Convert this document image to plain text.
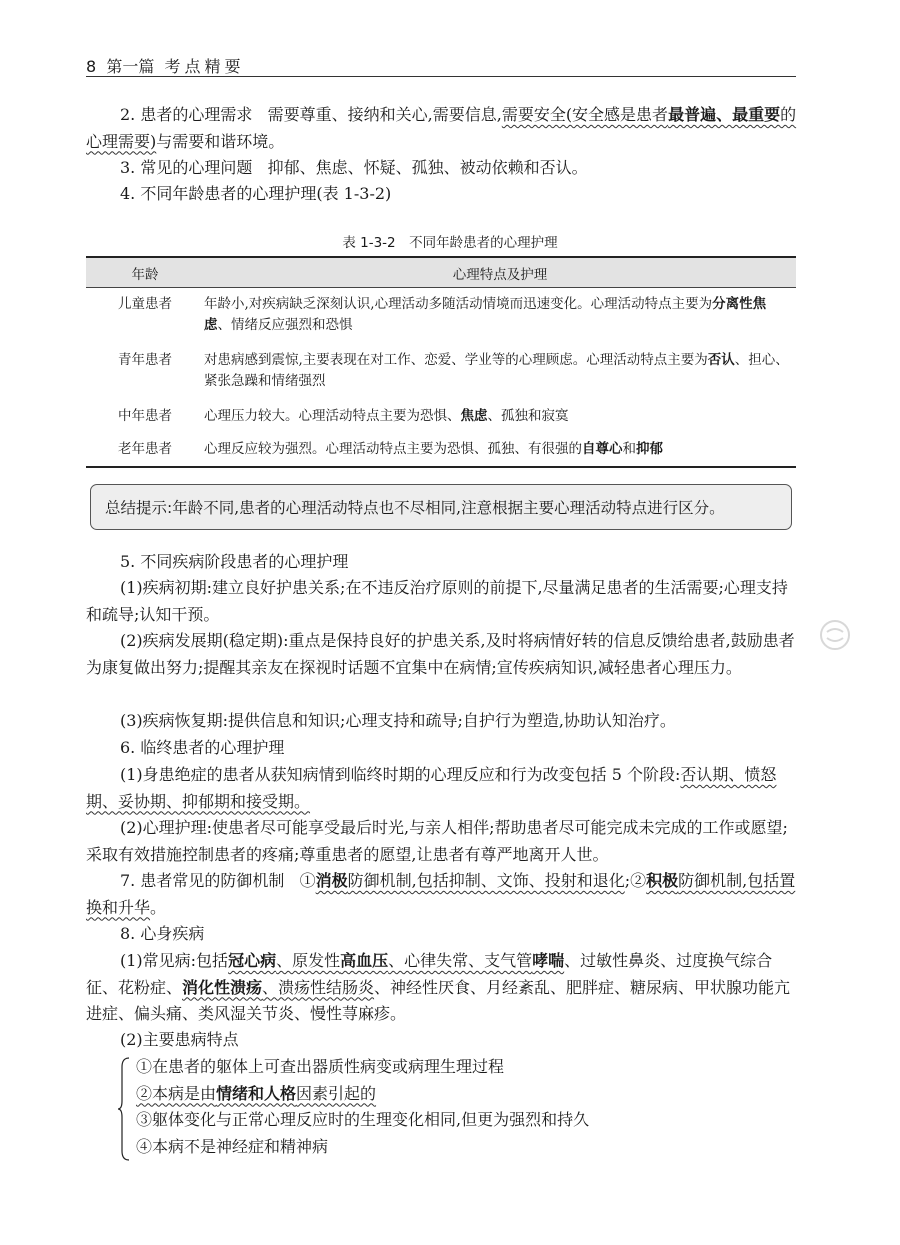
8 第一篇 考点精要
2. 患者的心理需求 需要尊重、接纳和关心,需要信息,需要安全(安全感是患者最普遍、最重要的心理需要)与需要和谐环境。
3. 常见的心理问题 抑郁、焦虑、怀疑、孤独、被动依赖和否认。
4. 不同年龄患者的心理护理(表 1-3-2)
表 1-3-2　不同年龄患者的心理护理
年龄	心理特点及护理
儿童患者	年龄小,对疾病缺乏深刻认识,心理活动多随活动情境而迅速变化。心理活动特点主要为分离性焦虑、情绪反应强烈和恐惧
青年患者	对患病感到震惊,主要表现在对工作、恋爱、学业等的心理顾虑。心理活动特点主要为否认、担心、紧张急躁和情绪强烈
中年患者	心理压力较大。心理活动特点主要为恐惧、焦虑、孤独和寂寞
老年患者	心理反应较为强烈。心理活动特点主要为恐惧、孤独、有很强的自尊心和抑郁
总结提示:年龄不同,患者的心理活动特点也不尽相同,注意根据主要心理活动特点进行区分。
5. 不同疾病阶段患者的心理护理
(1)疾病初期:建立良好护患关系;在不违反治疗原则的前提下,尽量满足患者的生活需要;心理支持和疏导;认知干预。
(2)疾病发展期(稳定期):重点是保持良好的护患关系,及时将病情好转的信息反馈给患者,鼓励患者为康复做出努力;提醒其亲友在探视时话题不宜集中在病情;宣传疾病知识,减轻患者心理压力。
(3)疾病恢复期:提供信息和知识;心理支持和疏导;自护行为塑造,协助认知治疗。
6. 临终患者的心理护理
(1)身患绝症的患者从获知病情到临终时期的心理反应和行为改变包括 5 个阶段:否认期、愤怒期、妥协期、抑郁期和接受期。
(2)心理护理:使患者尽可能享受最后时光,与亲人相伴;帮助患者尽可能完成未完成的工作或愿望;采取有效措施控制患者的疼痛;尊重患者的愿望,让患者有尊严地离开人世。
7. 患者常见的防御机制 ①消极防御机制,包括抑制、文饰、投射和退化;②积极防御机制,包括置换和升华。
8. 心身疾病
(1)常见病:包括冠心病、原发性高血压、心律失常、支气管哮喘、过敏性鼻炎、过度换气综合征、花粉症、消化性溃疡、溃疡性结肠炎、神经性厌食、月经紊乱、肥胖症、糖尿病、甲状腺功能亢进症、偏头痛、类风湿关节炎、慢性荨麻疹。
(2)主要患病特点
①在患者的躯体上可查出器质性病变或病理生理过程
②本病是由情绪和人格因素引起的
③躯体变化与正常心理反应时的生理变化相同,但更为强烈和持久
④本病不是神经症和精神病
